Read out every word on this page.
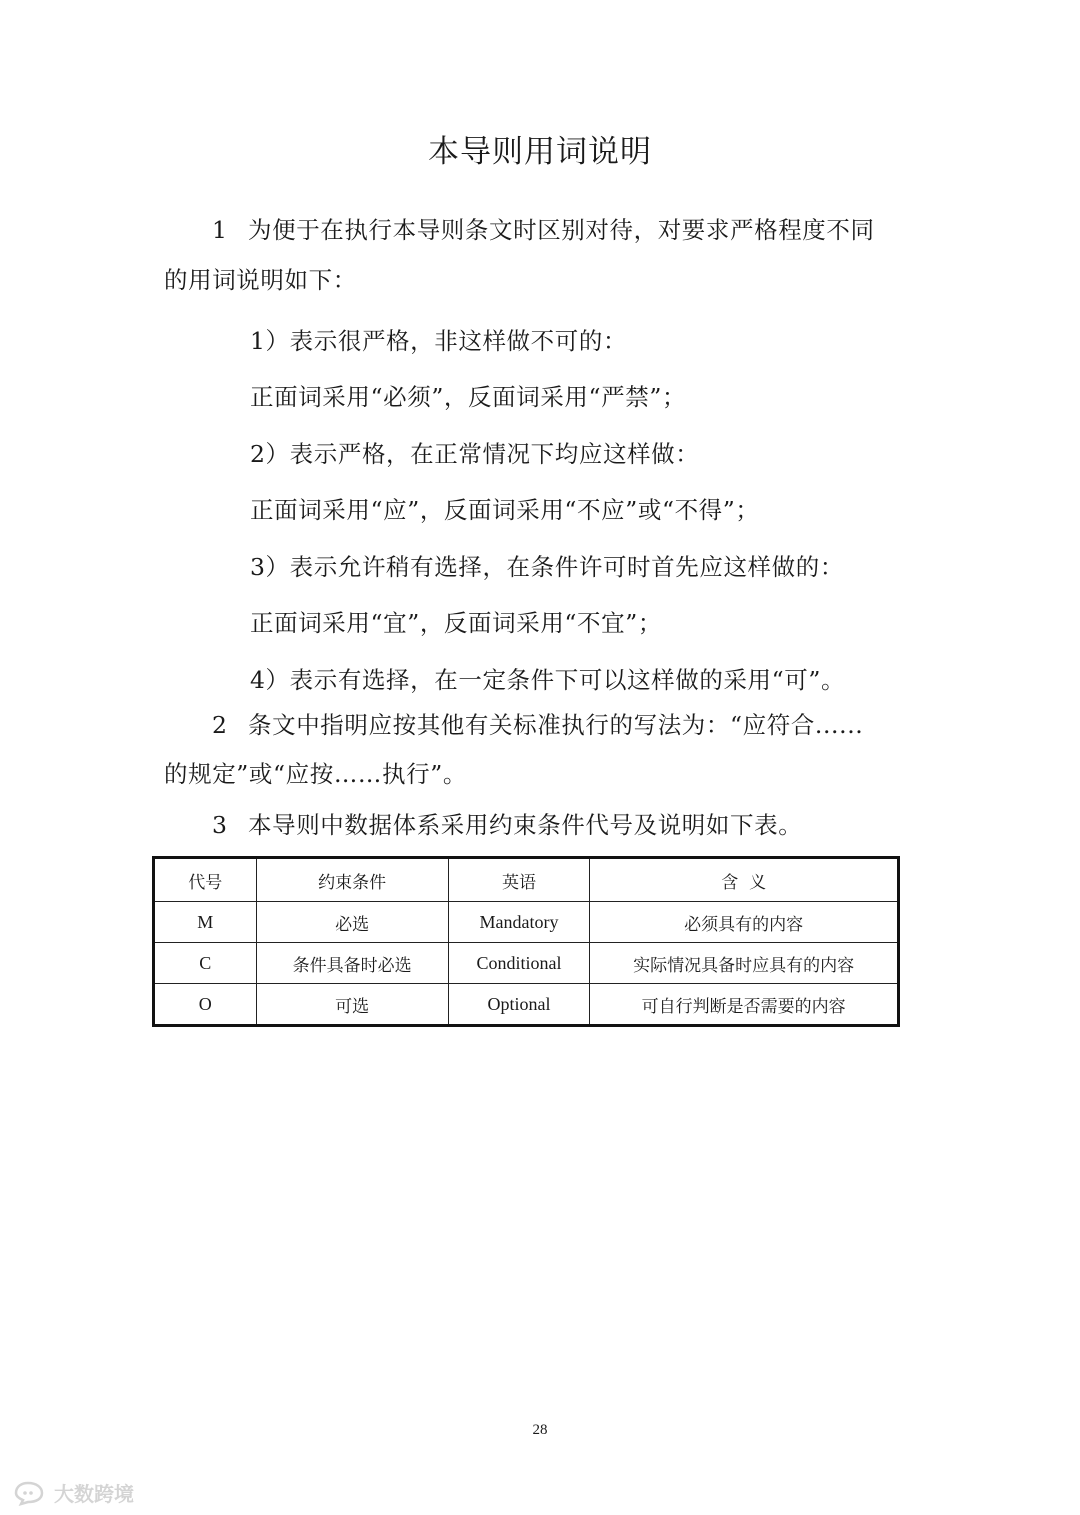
本导则用词说明
1 为便于在执行本导则条文时区别对待，对要求严格程度不同
的用词说明如下：
1）表示很严格，非这样做不可的：
正面词采用“必须”，反面词采用“严禁”；
2）表示严格，在正常情况下均应这样做：
正面词采用“应”，反面词采用“不应”或“不得”；
3）表示允许稍有选择，在条件许可时首先应这样做的：
正面词采用“宜”，反面词采用“不宜”；
4）表示有选择，在一定条件下可以这样做的采用“可”。
2 条文中指明应按其他有关标准执行的写法为：“应符合......
的规定”或“应按……执行”。
3 本导则中数据体系采用约束条件代号及说明如下表。
代号	约束条件	英语	含  义
M	必选	Mandatory	必须具有的内容
C	条件具备时必选	Conditional	实际情况具备时应具有的内容
O	可选	Optional	可自行判断是否需要的内容
28
大数跨境
